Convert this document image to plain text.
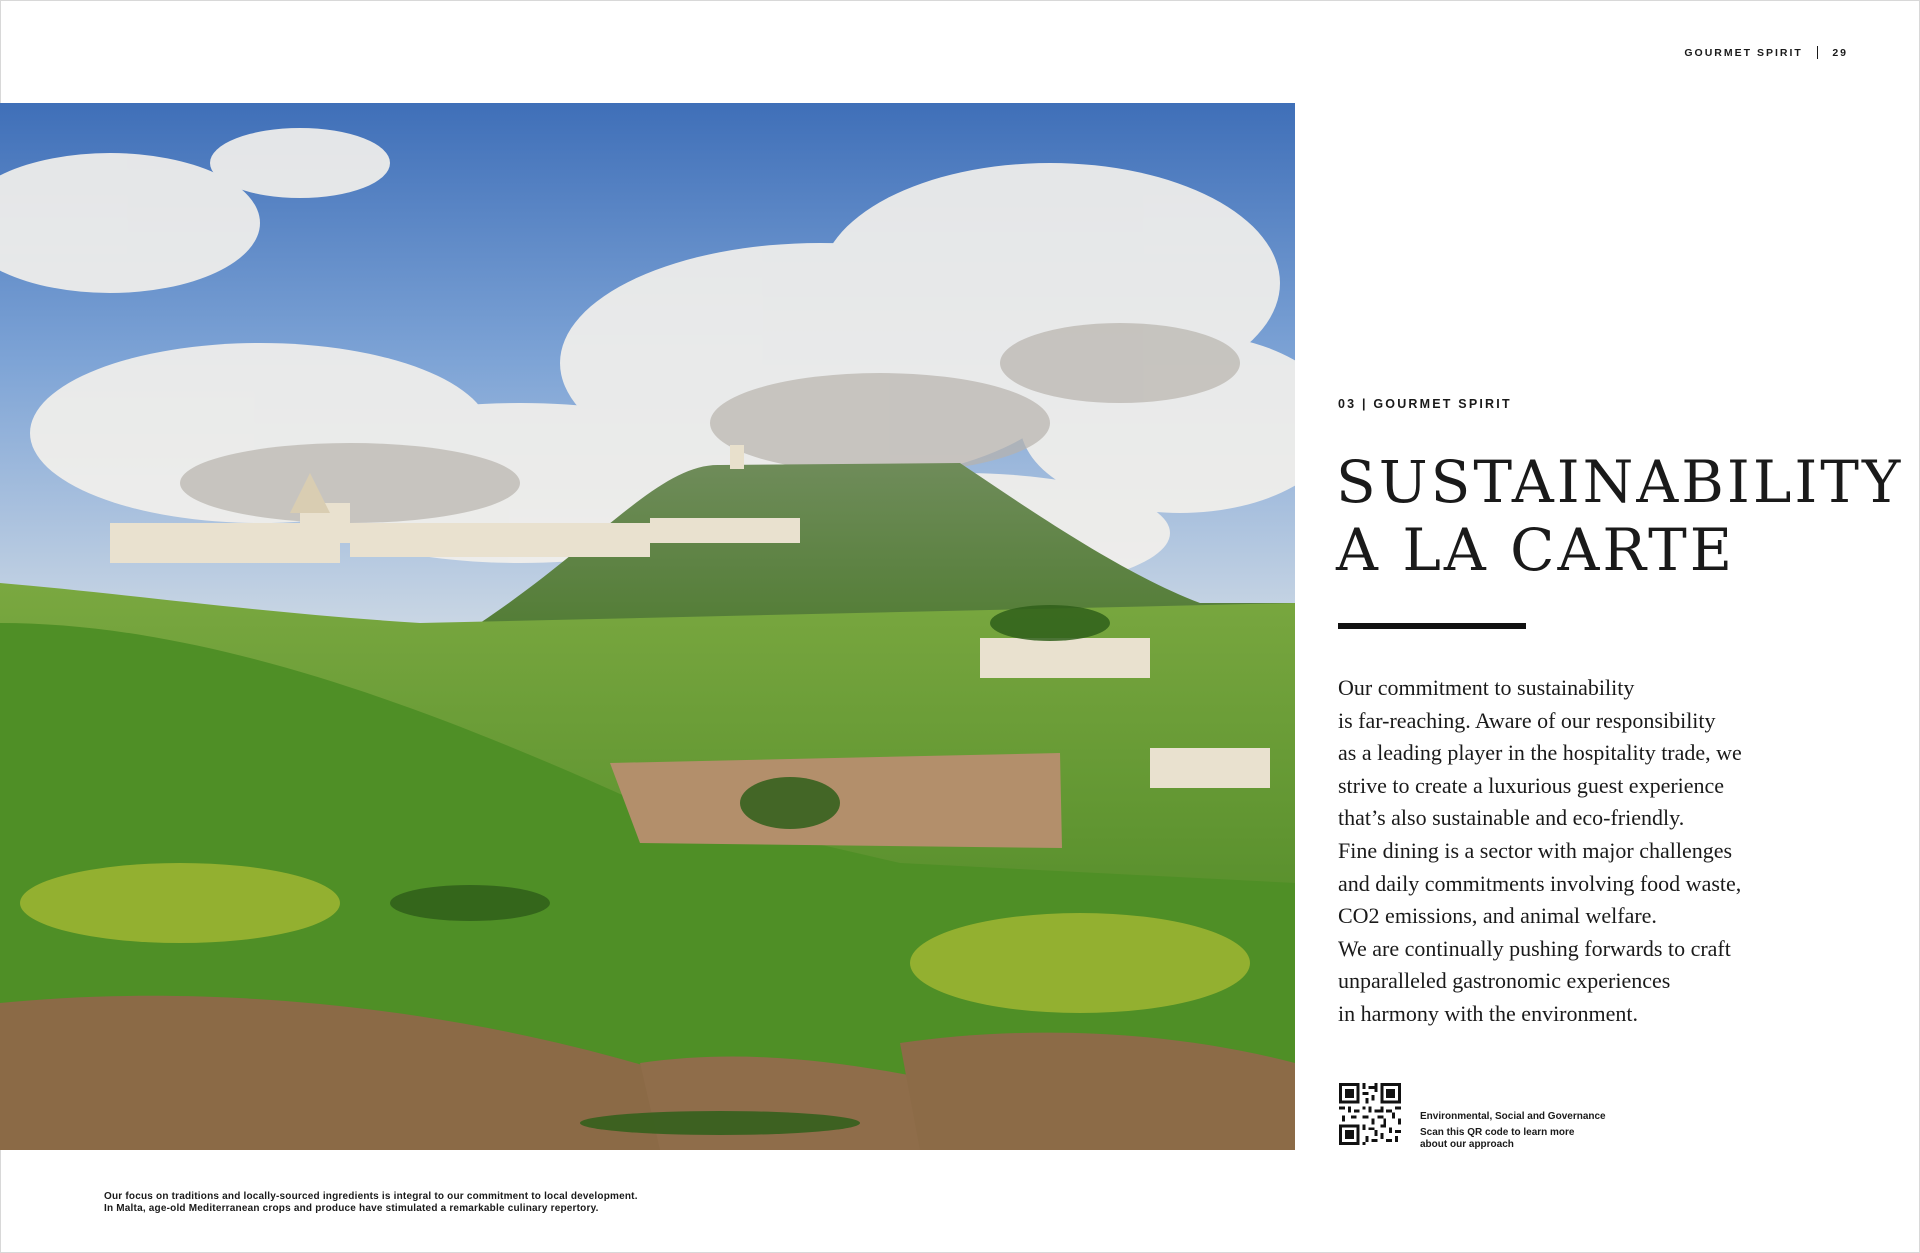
GOURMET SPIRIT	29
Our focus on traditions and locally-sourced ingredients is integral to our commitment to local development.
In Malta, age-old Mediterranean crops and produce have stimulated a remarkable culinary repertory.
03 | GOURMET SPIRIT
SUSTAINABILITY
A LA CARTE
Our commitment to sustainability
is far-reaching. Aware of our responsibility
as a leading player in the hospitality trade, we
strive to create a luxurious guest experience
that’s also sustainable and eco-friendly.
Fine dining is a sector with major challenges
and daily commitments involving food waste,
CO2 emissions, and animal welfare.
We are continually pushing forwards to craft
unparalleled gastronomic experiences
in harmony with the environment.
Environmental, Social and Governance
Scan this QR code to learn more
about our approach
